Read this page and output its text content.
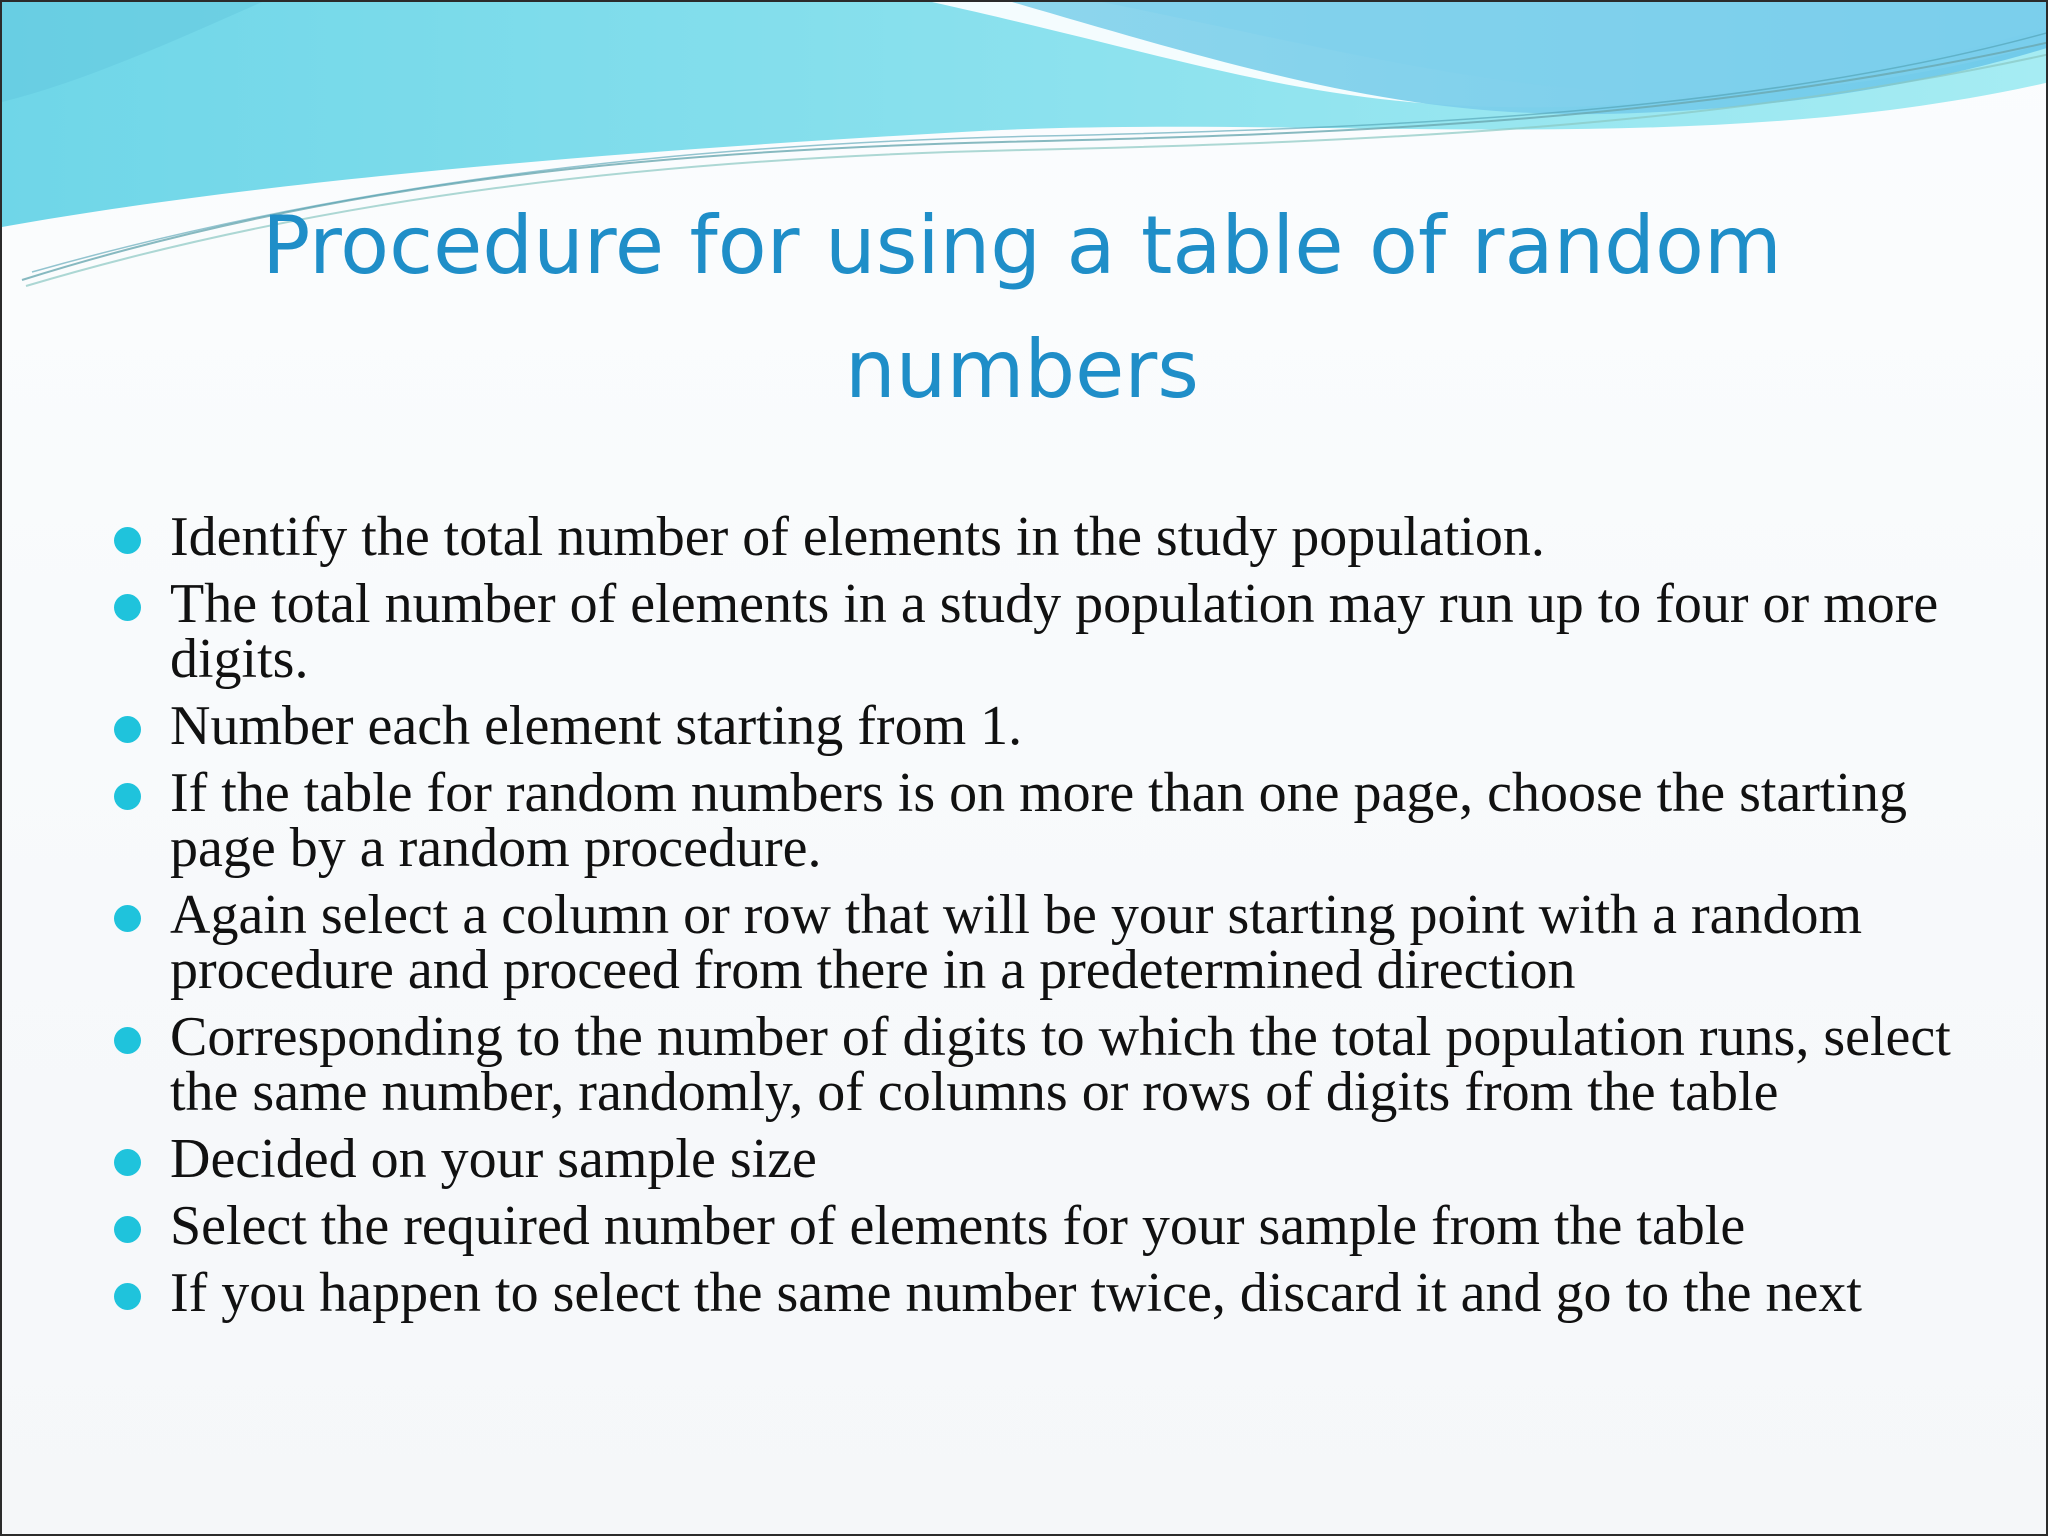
Procedure for using a table of random numbers
Identify the total number of elements in the study population.
The total number of elements in a study population may run up to four or more digits.
Number each element starting from 1.
If the table for random numbers is on more than one page, choose the starting page by a random procedure.
Again select a column or row that will be your starting point with a random procedure and proceed from there in a predetermined direction
Corresponding to the number of digits to which the total population runs, select the same number, randomly, of columns or rows of digits from the table
Decided on your sample size
Select the required number of elements for your sample from the table
If you happen to select the same number twice, discard it and go to the next
